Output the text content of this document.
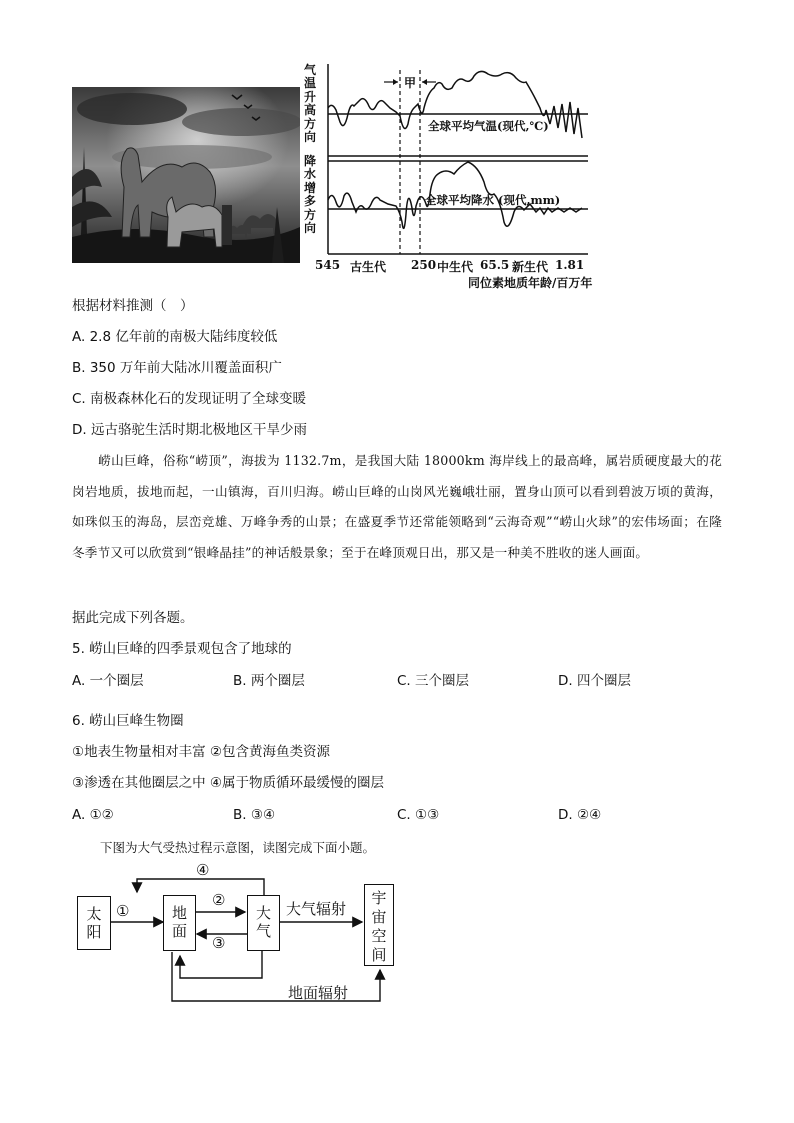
气温升高方向
降水增多方向
甲
全球平均气温(现代,℃)
全球平均降水 (现代,mm)
545 古生代 250 中生代 65.5 新生代 1.81
同位素地质年龄/百万年
根据材料推测（　）
A. 2.8 亿年前的南极大陆纬度较低
B. 350 万年前大陆冰川覆盖面积广
C. 南极森林化石的发现证明了全球变暖
D. 远古骆驼生活时期北极地区干旱少雨
崂山巨峰，俗称“崂顶”，海拔为 1132.7m，是我国大陆 18000km 海岸线上的最高峰，属岩质硬度最大的花岗岩地质，拔地而起，一山镇海，百川归海。崂山巨峰的山岗风光巍峨壮丽，置身山顶可以看到碧波万顷的黄海，如珠似玉的海岛，层峦竞雄、万峰争秀的山景；在盛夏季节还常能领略到“云海奇观”“崂山火球”的宏伟场面；在隆冬季节又可以欣赏到“银峰晶挂”的神话般景象；至于在峰顶观日出，那又是一种美不胜收的迷人画面。
据此完成下列各题。
5. 崂山巨峰的四季景观包含了地球的
A. 一个圈层	B. 两个圈层	C. 三个圈层	D. 四个圈层
6. 崂山巨峰生物圈
①地表生物量相对丰富 ②包含黄海鱼类资源
③渗透在其他圈层之中 ④属于物质循环最缓慢的圈层
A. ①②	B. ③④	C. ①③	D. ②④
下图为大气受热过程示意图，读图完成下面小题。
太阳
地面
大气
宇宙空间
①
②
③
④
大气辐射
地面辐射
